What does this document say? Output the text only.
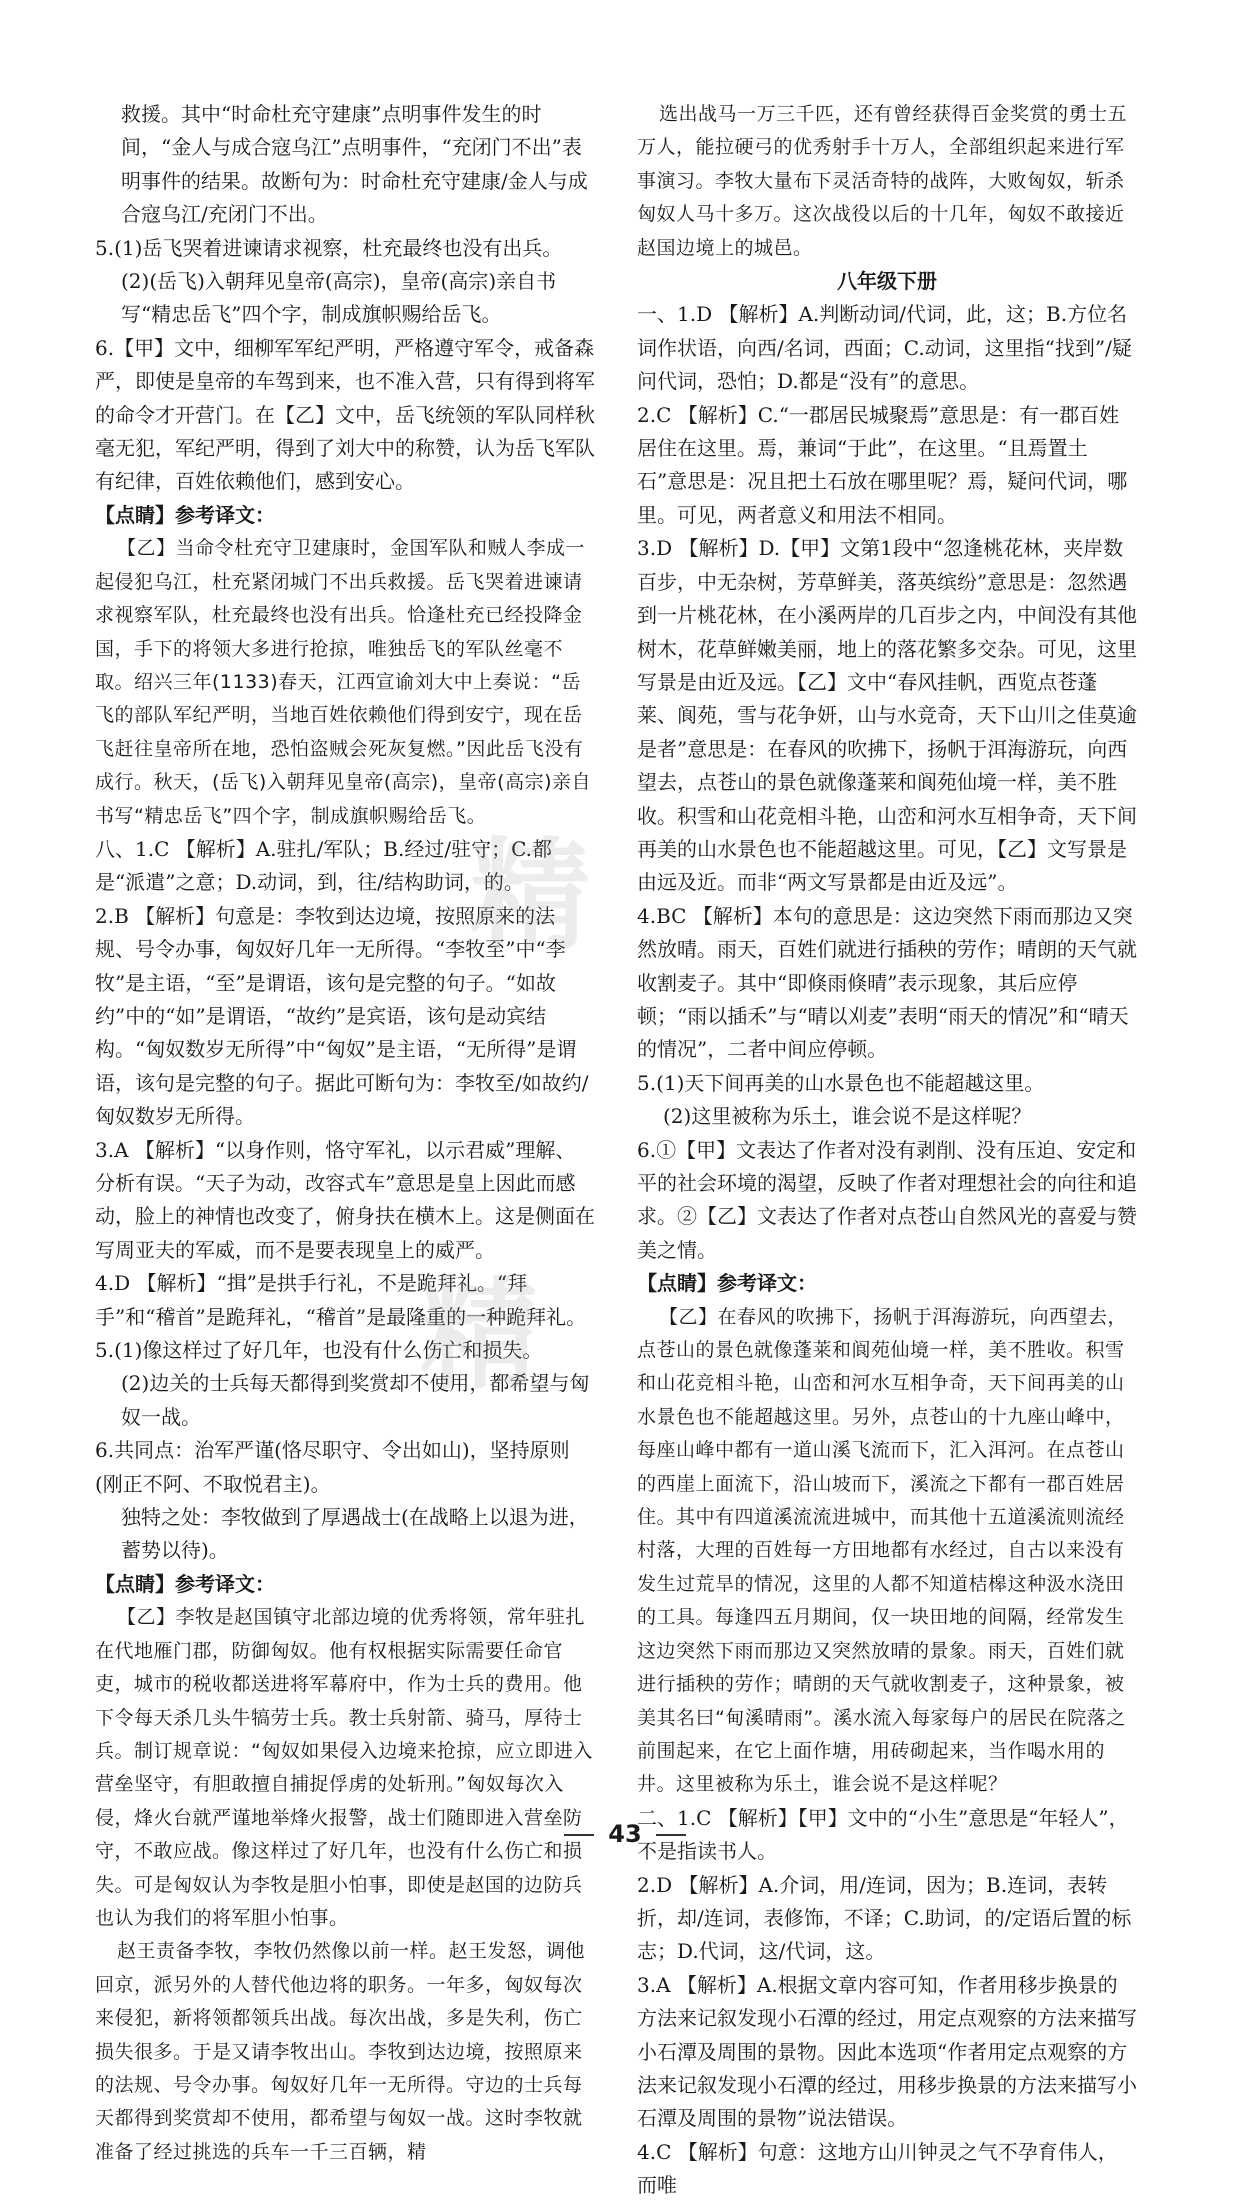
救援。其中“时命杜充守建康”点明事件发生的时间，“金人与成合寇乌江”点明事件，“充闭门不出”表明事件的结果。故断句为：时命杜充守建康/金人与成合寇乌江/充闭门不出。
5.(1)岳飞哭着进谏请求视察，杜充最终也没有出兵。
(2)(岳飞)入朝拜见皇帝(高宗)，皇帝(高宗)亲自书写“精忠岳飞”四个字，制成旗帜赐给岳飞。
6.【甲】文中，细柳军军纪严明，严格遵守军令，戒备森严，即使是皇帝的车驾到来，也不准入营，只有得到将军的命令才开营门。在【乙】文中，岳飞统领的军队同样秋毫无犯，军纪严明，得到了刘大中的称赞，认为岳飞军队有纪律，百姓依赖他们，感到安心。
【点睛】参考译文：
【乙】当命令杜充守卫建康时，金国军队和贼人李成一起侵犯乌江，杜充紧闭城门不出兵救援。岳飞哭着进谏请求视察军队，杜充最终也没有出兵。恰逢杜充已经投降金国，手下的将领大多进行抢掠，唯独岳飞的军队丝毫不取。绍兴三年(1133)春天，江西宣谕刘大中上奏说：“岳飞的部队军纪严明，当地百姓依赖他们得到安宁，现在岳飞赶往皇帝所在地，恐怕盗贼会死灰复燃。”因此岳飞没有成行。秋天，(岳飞)入朝拜见皇帝(高宗)，皇帝(高宗)亲自书写“精忠岳飞”四个字，制成旗帜赐给岳飞。
八、1.C 【解析】A.驻扎/军队；B.经过/驻守；C.都是“派遣”之意；D.动词，到，往/结构助词，的。
2.B 【解析】句意是：李牧到达边境，按照原来的法规、号令办事，匈奴好几年一无所得。“李牧至”中“李牧”是主语，“至”是谓语，该句是完整的句子。“如故约”中的“如”是谓语，“故约”是宾语，该句是动宾结构。“匈奴数岁无所得”中“匈奴”是主语，“无所得”是谓语，该句是完整的句子。据此可断句为：李牧至/如故约/匈奴数岁无所得。
3.A 【解析】“以身作则，恪守军礼，以示君威”理解、分析有误。“天子为动，改容式车”意思是皇上因此而感动，脸上的神情也改变了，俯身扶在横木上。这是侧面在写周亚夫的军威，而不是要表现皇上的威严。
4.D 【解析】“揖”是拱手行礼，不是跪拜礼。“拜手”和“稽首”是跪拜礼，“稽首”是最隆重的一种跪拜礼。
5.(1)像这样过了好几年，也没有什么伤亡和损失。
(2)边关的士兵每天都得到奖赏却不使用，都希望与匈奴一战。
6.共同点：治军严谨(恪尽职守、令出如山)，坚持原则(刚正不阿、不取悦君主)。
独特之处：李牧做到了厚遇战士(在战略上以退为进，蓄势以待)。
【点睛】参考译文：
【乙】李牧是赵国镇守北部边境的优秀将领，常年驻扎在代地雁门郡，防御匈奴。他有权根据实际需要任命官吏，城市的税收都送进将军幕府中，作为士兵的费用。他下令每天杀几头牛犒劳士兵。教士兵射箭、骑马，厚待士兵。制订规章说：“匈奴如果侵入边境来抢掠，应立即进入营垒坚守，有胆敢擅自捕捉俘虏的处斩刑。”匈奴每次入侵，烽火台就严谨地举烽火报警，战士们随即进入营垒防守，不敢应战。像这样过了好几年，也没有什么伤亡和损失。可是匈奴认为李牧是胆小怕事，即使是赵国的边防兵也认为我们的将军胆小怕事。
赵王责备李牧，李牧仍然像以前一样。赵王发怒，调他回京，派另外的人替代他边将的职务。一年多，匈奴每次来侵犯，新将领都领兵出战。每次出战，多是失利，伤亡损失很多。于是又请李牧出山。李牧到达边境，按照原来的法规、号令办事。匈奴好几年一无所得。守边的士兵每天都得到奖赏却不使用，都希望与匈奴一战。这时李牧就准备了经过挑选的兵车一千三百辆，精
选出战马一万三千匹，还有曾经获得百金奖赏的勇士五万人，能拉硬弓的优秀射手十万人，全部组织起来进行军事演习。李牧大量布下灵活奇特的战阵，大败匈奴，斩杀匈奴人马十多万。这次战役以后的十几年，匈奴不敢接近赵国边境上的城邑。
八年级下册
一、1.D 【解析】A.判断动词/代词，此，这；B.方位名词作状语，向西/名词，西面；C.动词，这里指“找到”/疑问代词，恐怕；D.都是“没有”的意思。
2.C 【解析】C.“一郡居民城聚焉”意思是：有一郡百姓居住在这里。焉，兼词“于此”，在这里。“且焉置土石”意思是：况且把土石放在哪里呢？焉，疑问代词，哪里。可见，两者意义和用法不相同。
3.D 【解析】D.【甲】文第1段中“忽逢桃花林，夹岸数百步，中无杂树，芳草鲜美，落英缤纷”意思是：忽然遇到一片桃花林，在小溪两岸的几百步之内，中间没有其他树木，花草鲜嫩美丽，地上的落花繁多交杂。可见，这里写景是由近及远。【乙】文中“春风挂帆，西览点苍蓬莱、阆苑，雪与花争妍，山与水竞奇，天下山川之佳莫逾是者”意思是：在春风的吹拂下，扬帆于洱海游玩，向西望去，点苍山的景色就像蓬莱和阆苑仙境一样，美不胜收。积雪和山花竞相斗艳，山峦和河水互相争奇，天下间再美的山水景色也不能超越这里。可见，【乙】文写景是由远及近。而非“两文写景都是由近及远”。
4.BC 【解析】本句的意思是：这边突然下雨而那边又突然放晴。雨天，百姓们就进行插秧的劳作；晴朗的天气就收割麦子。其中“即倏雨倏晴”表示现象，其后应停顿；“雨以插禾”与“晴以刈麦”表明“雨天的情况”和“晴天的情况”，二者中间应停顿。
5.(1)天下间再美的山水景色也不能超越这里。
(2)这里被称为乐土，谁会说不是这样呢？
6.①【甲】文表达了作者对没有剥削、没有压迫、安定和平的社会环境的渴望，反映了作者对理想社会的向往和追求。②【乙】文表达了作者对点苍山自然风光的喜爱与赞美之情。
【点睛】参考译文：
【乙】在春风的吹拂下，扬帆于洱海游玩，向西望去，点苍山的景色就像蓬莱和阆苑仙境一样，美不胜收。积雪和山花竞相斗艳，山峦和河水互相争奇，天下间再美的山水景色也不能超越这里。另外，点苍山的十九座山峰中，每座山峰中都有一道山溪飞流而下，汇入洱河。在点苍山的西崖上面流下，沿山坡而下，溪流之下都有一郡百姓居住。其中有四道溪流流进城中，而其他十五道溪流则流经村落，大理的百姓每一方田地都有水经过，自古以来没有发生过荒旱的情况，这里的人都不知道桔槔这种汲水浇田的工具。每逢四五月期间，仅一块田地的间隔，经常发生这边突然下雨而那边又突然放晴的景象。雨天，百姓们就进行插秧的劳作；晴朗的天气就收割麦子，这种景象，被美其名曰“甸溪晴雨”。溪水流入每家每户的居民在院落之前围起来，在它上面作塘，用砖砌起来，当作喝水用的井。这里被称为乐土，谁会说不是这样呢？
二、1.C 【解析】【甲】文中的“小生”意思是“年轻人”，不是指读书人。
2.D 【解析】A.介词，用/连词，因为；B.连词，表转折，却/连词，表修饰，不译；C.助词，的/定语后置的标志；D.代词，这/代词，这。
3.A 【解析】A.根据文章内容可知，作者用移步换景的方法来记叙发现小石潭的经过，用定点观察的方法来描写小石潭及周围的景物。因此本选项“作者用定点观察的方法来记叙发现小石潭的经过，用移步换景的方法来描写小石潭及周围的景物”说法错误。
4.C 【解析】句意：这地方山川钟灵之气不孕育伟人，而唯
精
精
43
